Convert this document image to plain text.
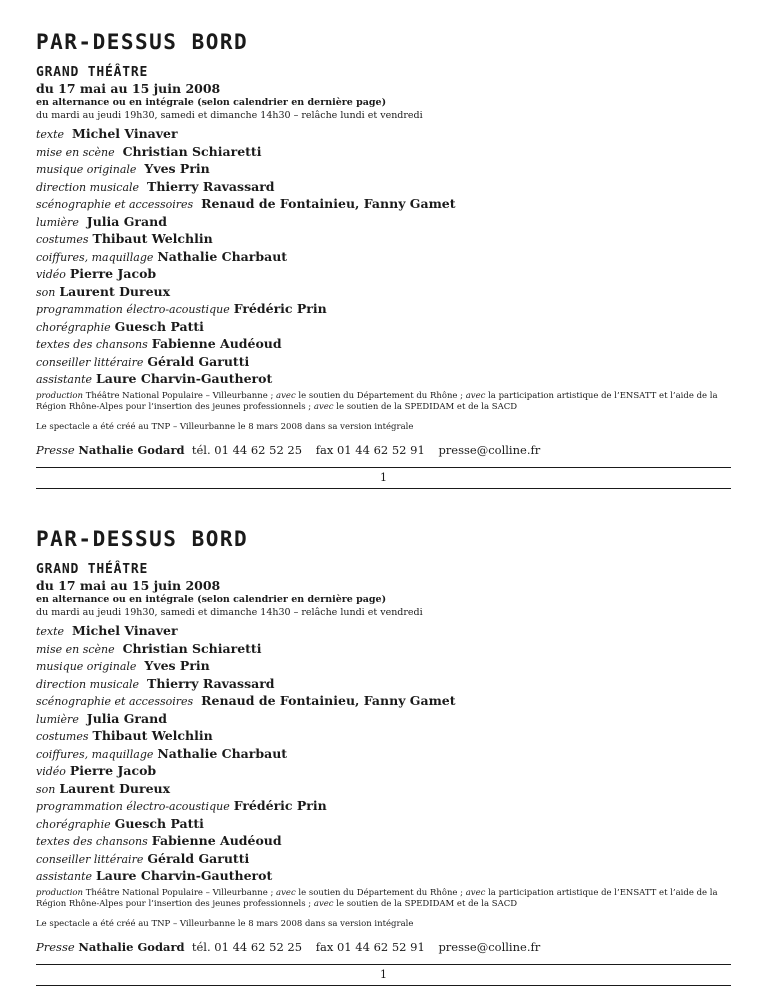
PAR-DESSUS BORD
GRAND THÉÂTRE
du 17 mai au 15 juin 2008
en alternance ou en intégrale (selon calendrier en dernière page)
du mardi au jeudi 19h30, samedi et dimanche 14h30 – relâche lundi et vendredi
texte Michel Vinaver
mise en scène Christian Schiaretti
musique originale Yves Prin
direction musicale Thierry Ravassard
scénographie et accessoires Renaud de Fontainieu, Fanny Gamet
lumière Julia Grand
costumes Thibaut Welchlin
coiffures, maquillage Nathalie Charbaut
vidéo Pierre Jacob
son Laurent Dureux
programmation électro-acoustique Frédéric Prin
chorégraphie Guesch Patti
textes des chansons Fabienne Audéoud
conseiller littéraire Gérald Garutti
assistante Laure Charvin-Gautherot
production Théâtre National Populaire – Villeurbanne ; avec le soutien du Département du Rhône ; avec la participation artistique de l’ENSATT et l’aide de la Région Rhône-Alpes pour l’insertion des jeunes professionnels ; avec le soutien de la SPEDIDAM et de la SACD
Le spectacle a été créé au TNP – Villeurbanne le 8 mars 2008 dans sa version intégrale
Presse Nathalie Godard tél. 01 44 62 52 25 fax 01 44 62 52 91 presse@colline.fr
1
PAR-DESSUS BORD
GRAND THÉÂTRE
du 17 mai au 15 juin 2008
en alternance ou en intégrale (selon calendrier en dernière page)
du mardi au jeudi 19h30, samedi et dimanche 14h30 – relâche lundi et vendredi
texte Michel Vinaver
mise en scène Christian Schiaretti
musique originale Yves Prin
direction musicale Thierry Ravassard
scénographie et accessoires Renaud de Fontainieu, Fanny Gamet
lumière Julia Grand
costumes Thibaut Welchlin
coiffures, maquillage Nathalie Charbaut
vidéo Pierre Jacob
son Laurent Dureux
programmation électro-acoustique Frédéric Prin
chorégraphie Guesch Patti
textes des chansons Fabienne Audéoud
conseiller littéraire Gérald Garutti
assistante Laure Charvin-Gautherot
production Théâtre National Populaire – Villeurbanne ; avec le soutien du Département du Rhône ; avec la participation artistique de l’ENSATT et l’aide de la Région Rhône-Alpes pour l’insertion des jeunes professionnels ; avec le soutien de la SPEDIDAM et de la SACD
Le spectacle a été créé au TNP – Villeurbanne le 8 mars 2008 dans sa version intégrale
Presse Nathalie Godard tél. 01 44 62 52 25 fax 01 44 62 52 91 presse@colline.fr
1
